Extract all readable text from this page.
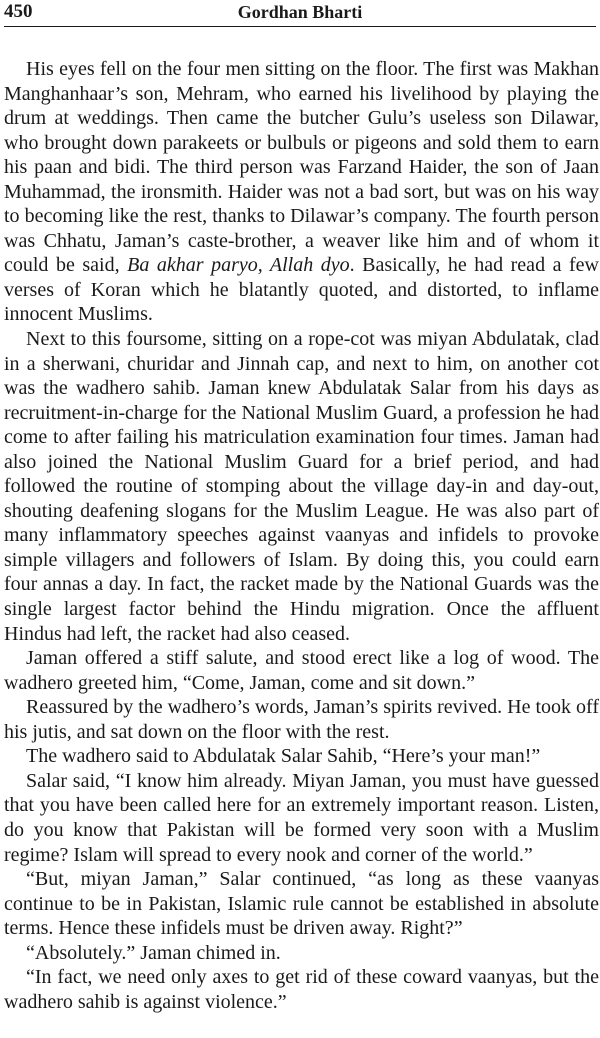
450	Gordhan Bharti

His eyes fell on the four men sitting on the floor. The first was Makhan Manghanhaar’s son, Mehram, who earned his livelihood by playing the drum at weddings. Then came the butcher Gulu’s useless son Dilawar, who brought down parakeets or bulbuls or pigeons and sold them to earn his paan and bidi. The third person was Farzand Haider, the son of Jaan Muhammad, the ironsmith. Haider was not a bad sort, but was on his way to becoming like the rest, thanks to Dilawar’s company. The fourth person was Chhatu, Jaman’s caste-brother, a weaver like him and of whom it could be said, Ba akhar paryo, Allah dyo. Basically, he had read a few verses of Koran which he blatantly quoted, and distorted, to inflame innocent Muslims.

Next to this foursome, sitting on a rope-cot was miyan Abdulatak, clad in a sherwani, churidar and Jinnah cap, and next to him, on another cot was the wadhero sahib. Jaman knew Abdulatak Salar from his days as recruitment-in-charge for the National Muslim Guard, a profession he had come to after failing his matriculation examination four times. Jaman had also joined the National Muslim Guard for a brief period, and had followed the routine of stomping about the village day-in and day-out, shouting deafening slogans for the Muslim League. He was also part of many inflammatory speeches against vaanyas and infidels to provoke simple villagers and followers of Islam. By doing this, you could earn four annas a day. In fact, the racket made by the National Guards was the single largest factor behind the Hindu migration. Once the affluent Hindus had left, the racket had also ceased.

Jaman offered a stiff salute, and stood erect like a log of wood. The wadhero greeted him, “Come, Jaman, come and sit down.”

Reassured by the wadhero’s words, Jaman’s spirits revived. He took off his jutis, and sat down on the floor with the rest.

The wadhero said to Abdulatak Salar Sahib, “Here’s your man!”

Salar said, “I know him already. Miyan Jaman, you must have guessed that you have been called here for an extremely important reason. Listen, do you know that Pakistan will be formed very soon with a Muslim regime? Islam will spread to every nook and corner of the world.”

“But, miyan Jaman,” Salar continued, “as long as these vaanyas continue to be in Pakistan, Islamic rule cannot be established in absolute terms. Hence these infidels must be driven away. Right?”

“Absolutely.” Jaman chimed in.

“In fact, we need only axes to get rid of these coward vaanyas, but the wadhero sahib is against violence.”
